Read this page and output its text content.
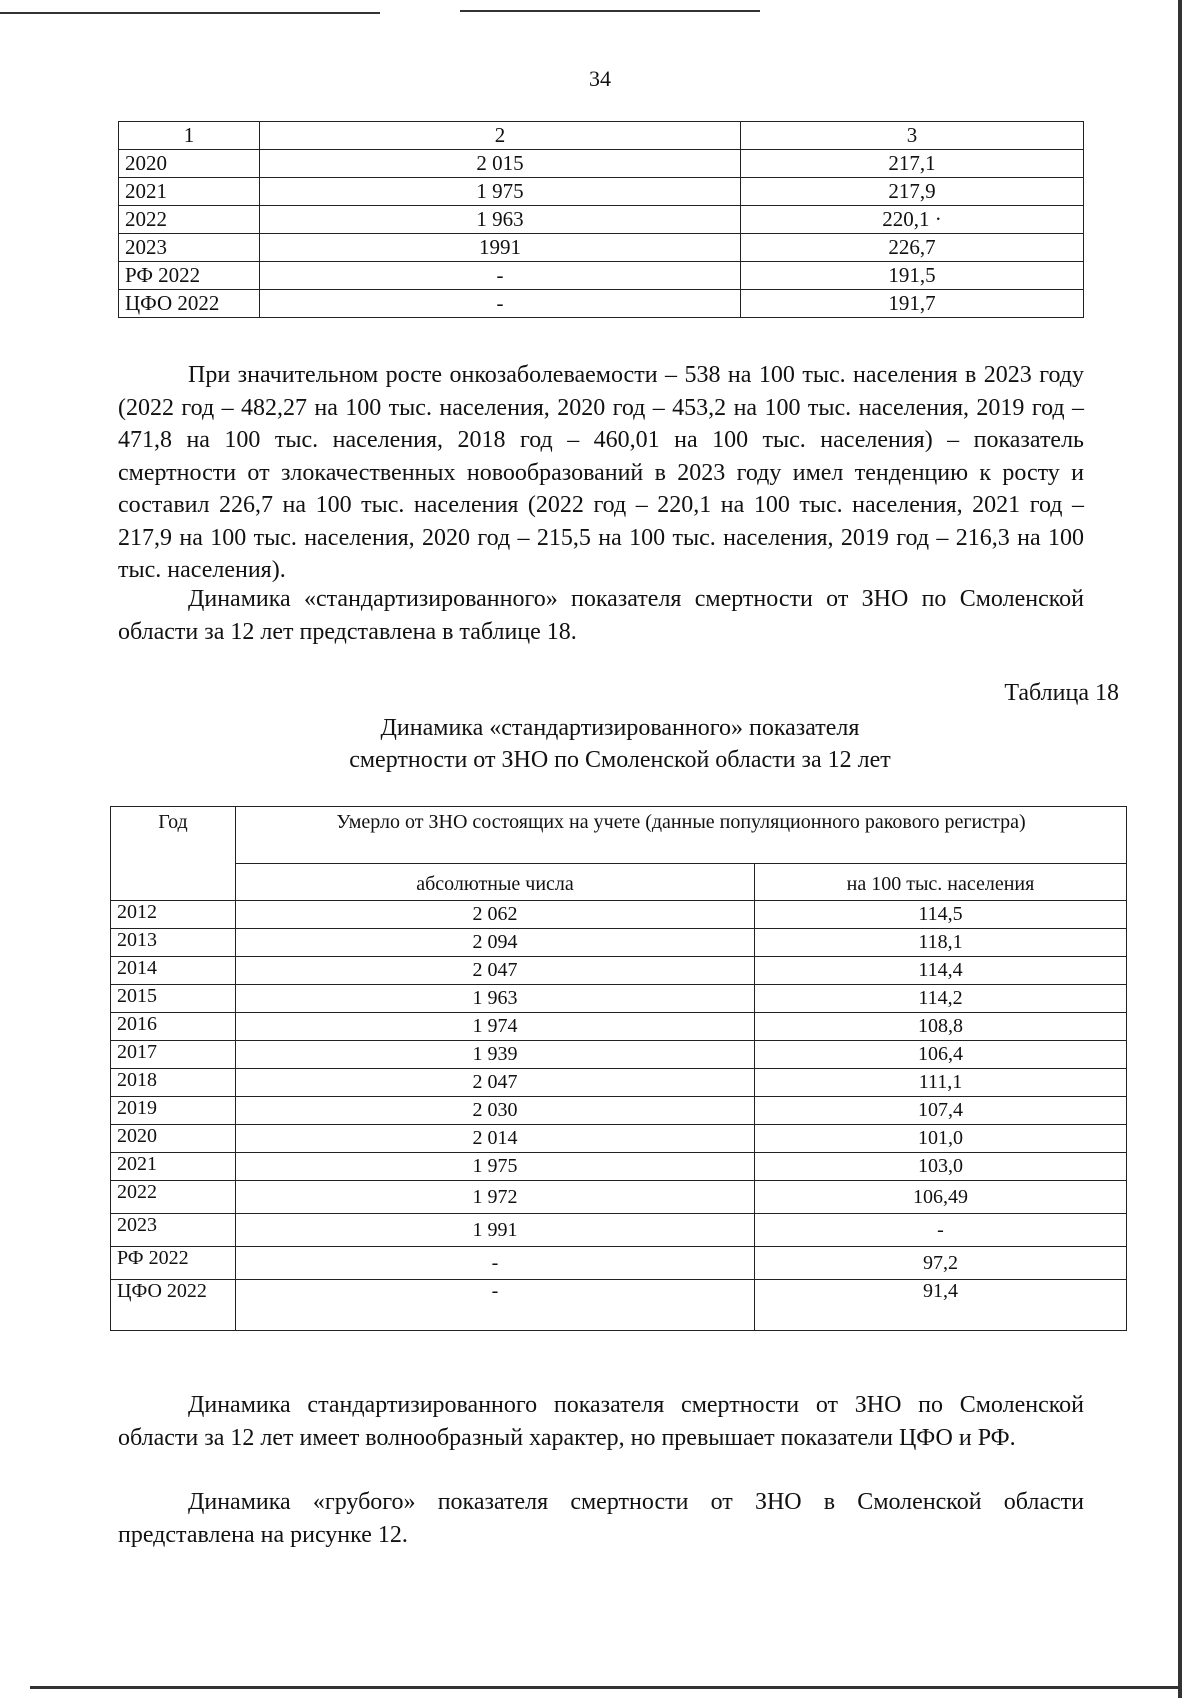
34
1	2	3
2020	2 015	217,1
2021	1 975	217,9
2022	1 963	220,1 ·
2023	1991	226,7
РФ 2022	-	191,5
ЦФО 2022	-	191,7

При значительном росте онкозаболеваемости – 538 на 100 тыс. населения в 2023 году (2022 год – 482,27 на 100 тыс. населения, 2020 год – 453,2 на 100 тыс. населения, 2019 год – 471,8 на 100 тыс. населения, 2018 год – 460,01 на 100 тыс. населения) – показатель смертности от злокачественных новообразований в 2023 году имел тенденцию к росту и составил 226,7 на 100 тыс. населения (2022 год – 220,1 на 100 тыс. населения, 2021 год – 217,9 на 100 тыс. населения, 2020 год – 215,5 на 100 тыс. населения, 2019 год – 216,3 на 100 тыс. населения).

Динамика «стандартизированного» показателя смертности от ЗНО по Смоленской области за 12 лет представлена в таблице 18.

Таблица 18
Динамика «стандартизированного» показателя
смертности от ЗНО по Смоленской области за 12 лет
Год	Умерло от ЗНО состоящих на учете (данные популяционного ракового регистра)	
	абсолютные числа	на 100 тыс. населения
2012	2 062	114,5
2013	2 094	118,1
2014	2 047	114,4
2015	1 963	114,2
2016	1 974	108,8
2017	1 939	106,4
2018	2 047	111,1
2019	2 030	107,4
2020	2 014	101,0
2021	1 975	103,0
2022	1 972	106,49
2023	1 991	-
РФ 2022	-	97,2
ЦФО 2022	-	91,4

Динамика стандартизированного показателя смертности от ЗНО по Смоленской области за 12 лет имеет волнообразный характер, но превышает показатели ЦФО и РФ.

Динамика «грубого» показателя смертности от ЗНО в Смоленской области представлена на рисунке 12.
